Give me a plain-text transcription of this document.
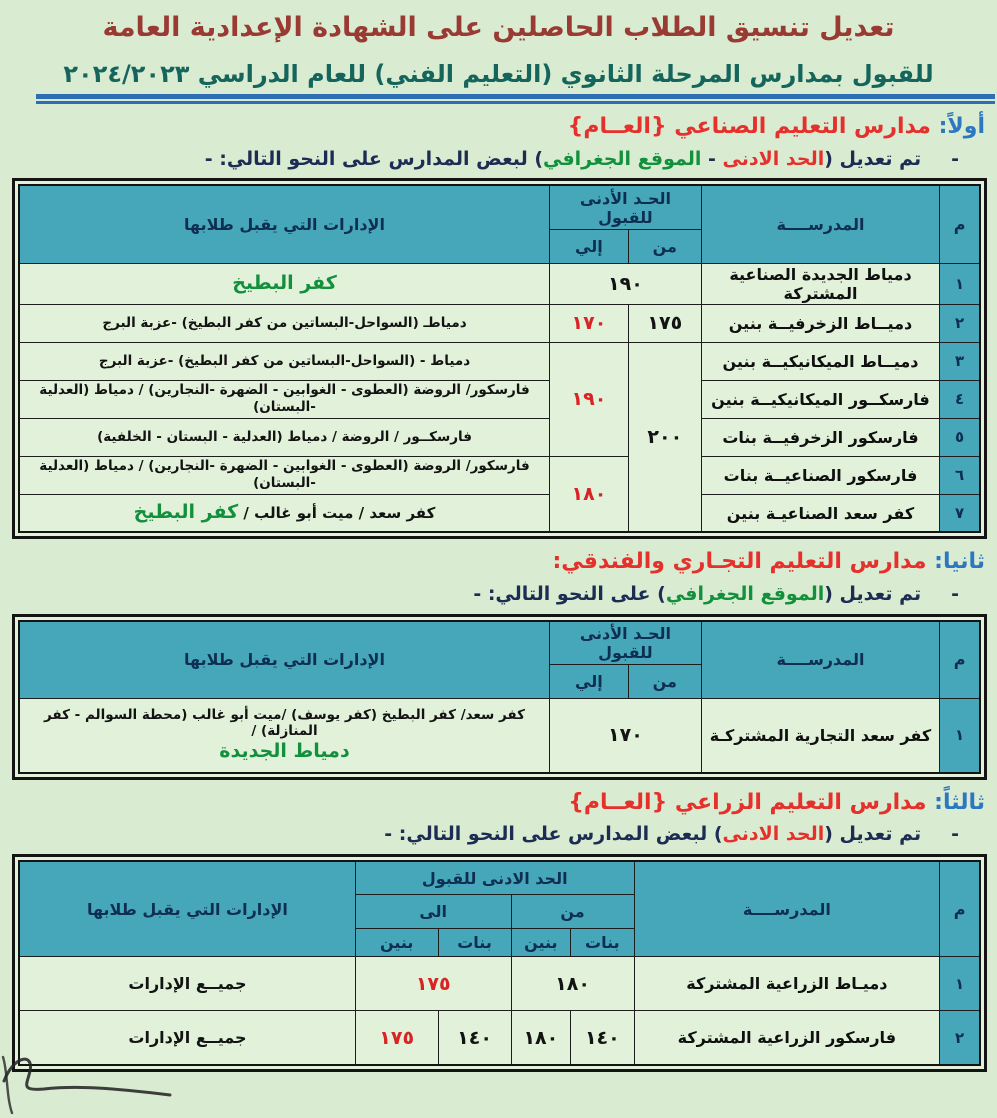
تعديل تنسيق الطلاب الحاصلين على الشهادة الإعدادية العامة
للقبول بمدارس المرحلة الثانوي (التعليم الفني) للعام الدراسي ٢٠٢٤/٢٠٢٣
أولاً: مدارس التعليم الصناعي {العــام}
-تم تعديل (الحد الادنى - الموقع الجغرافي) لبعض المدارس على النحو التالي: -
م	المدرســــة	الحـد الأدنى للقبول		الإدارات التي يقبل طلابها
		من	إلي	
١	دمياط الجديدة الصناعية المشتركة	١٩٠		كفر البطيخ
٢	دميــاط الزخرفيــة بنين	١٧٥	١٧٠	دمياطـ (السواحل-البساتين من كفر البطيخ) -عزبة البرج
٣	دميــاط الميكانيكيــة بنين	٢٠٠	١٩٠	دمياط - (السواحل-البساتين من كفر البطيخ) -عزبة البرج
٤	فارسكــور الميكانيكيــة بنين			فارسكور/ الروضة (العطوى - الغوابين - الضهرة -النجارين) / دمياط (العدلية -البستان)
٥	فارسكور الزخرفيــة بنات			فارسكــور / الروضة / دمياط (العدلية - البستان - الخلفية)
٦	فارسكور الصناعيــة بنات		١٨٠	فارسكور/ الروضة (العطوى - الغوابين - الضهرة -النجارين) / دمياط (العدلية -البستان)
٧	كفر سعد الصناعيـة بنين			كفر سعد / ميت أبو غالب / كفر البطيخ
ثانيا: مدارس التعليم التجـاري والفندقي:
-تم تعديل (الموقع الجغرافي) على النحو التالي: -
م	المدرســــة	الحـد الأدنى للقبول		الإدارات التي يقبل طلابها
		من	إلي	
١	كفر سعد التجارية المشتركـة	١٧٠		كفر سعد/ كفر البطيخ (كفر يوسف) /ميت أبو غالب (محطة السوالم - كفر المنازلة) /
دمياط الجديدة
ثالثاً: مدارس التعليم الزراعي {العــام}
-تم تعديل (الحد الادنى) لبعض المدارس على النحو التالي: -
م	المدرســــة	الحد الادنى للقبول				الإدارات التي يقبل طلابها
		من		الى		
		بنات	بنين	بنات	بنين	
١	دميـاط الزراعية المشتركة	١٨٠		١٧٥		جميــع الإدارات
٢	فارسكور الزراعية المشتركة	١٤٠	١٨٠	١٤٠	١٧٥	جميــع الإدارات
